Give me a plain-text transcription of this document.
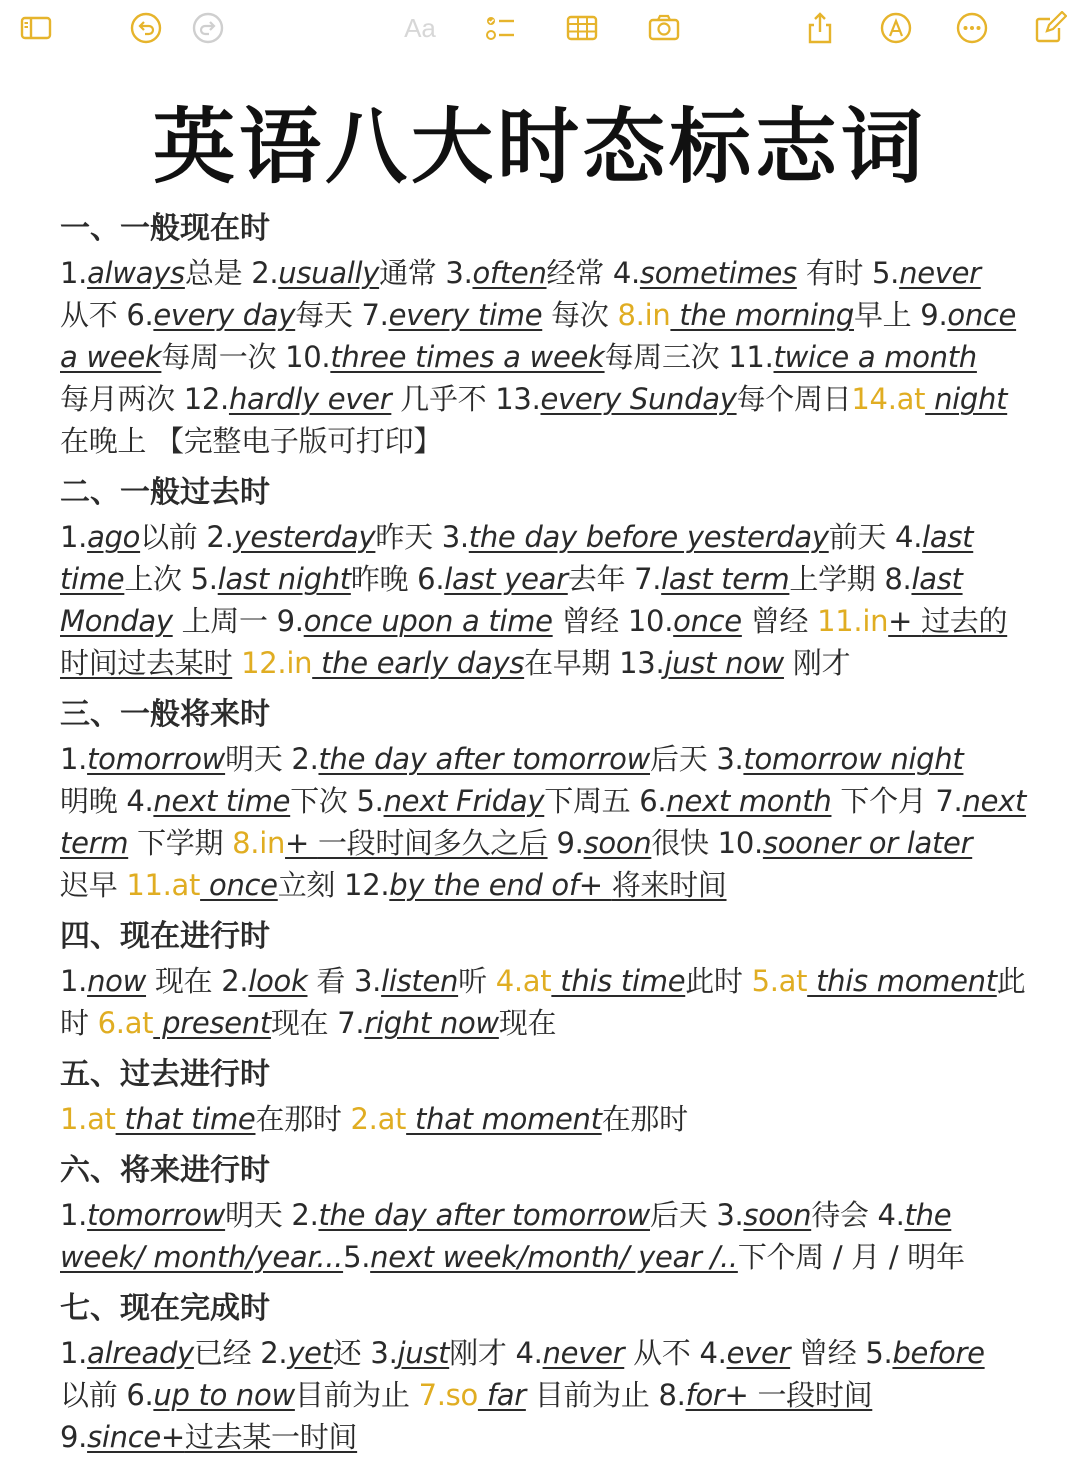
Aa
英语八大时态标志词
一、一般现在时
1.always总是 2.usually通常 3.often经常 4.sometimes 有时 5.never
从不 6.every day每天 7.every time 每次 8.in the morning早上 9.once
a week每周一次 10.three times a week每周三次 11.twice a month
每月两次 12.hardly ever 几乎不 13.every Sunday每个周日14.at night
在晚上 【完整电子版可打印】
二、一般过去时
1.ago以前 2.yesterday昨天 3.the day before yesterday前天 4.last
time上次 5.last night昨晚 6.last year去年 7.last term上学期 8.last
Monday 上周一 9.once upon a time 曾经 10.once 曾经 11.in+ 过去的
时间过去某时 12.in the early days在早期 13.just now 刚才
三、一般将来时
1.tomorrow明天 2.the day after tomorrow后天 3.tomorrow night
明晚 4.next time下次 5.next Friday下周五 6.next month 下个月 7.next
term 下学期 8.in+ 一段时间多久之后 9.soon很快 10.sooner or later
迟早 11.at once立刻 12.by the end of+ 将来时间
四、现在进行时
1.now 现在 2.look 看 3.listen听 4.at this time此时 5.at this moment此
时 6.at present现在 7.right now现在
五、过去进行时
1.at that time在那时 2.at that moment在那时
六、将来进行时
1.tomorrow明天 2.the day after tomorrow后天 3.soon待会 4.the
week/ month/year...5.next week/month/ year /..下个周 / 月 / 明年
七、现在完成时
1.already已经 2.yet还 3.just刚才 4.never 从不 4.ever 曾经 5.before
以前 6.up to now目前为止 7.so far 目前为止 8.for+ 一段时间
9.since+过去某一时间
